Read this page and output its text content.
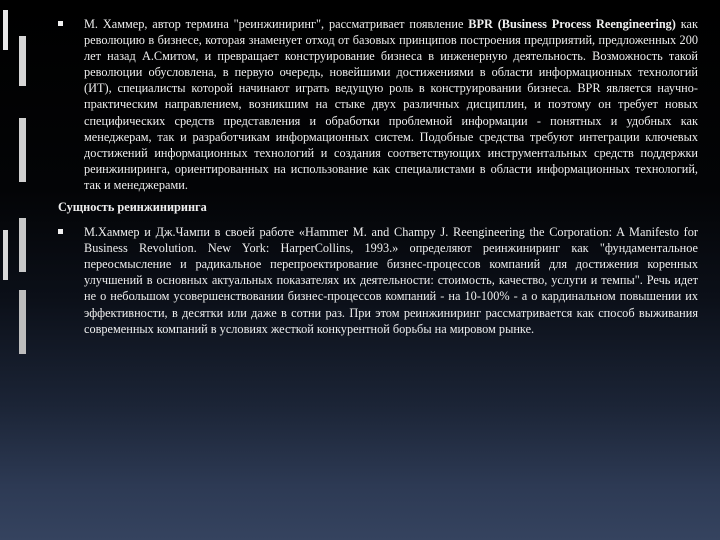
М. Хаммер, автор термина "реинжиниринг", рассматривает появление BPR (Business Process Reengineering) как революцию в бизнесе, которая знаменует отход от базовых принципов построения предприятий, предложенных 200 лет назад А.Смитом, и превращает конструирование бизнеса в инженерную деятельность. Возможность такой революции обусловлена, в первую очередь, новейшими достижениями в области информационных технологий (ИТ), специалисты которой начинают играть ведущую роль в конструировании бизнеса. BPR является научно-практическим направлением, возникшим на стыке двух различных дисциплин, и поэтому он требует новых специфических средств представления и обработки проблемной информации - понятных и удобных как менеджерам, так и разработчикам информационных систем. Подобные средства требуют интеграции ключевых достижений информационных технологий и создания соответствующих инструментальных средств поддержки реинжиниринга, ориентированных на использование как специалистами в области информационных технологий, так и менеджерами.

Сущность реинжиниринга

М.Хаммер и Дж.Чампи в своей работе «Hammer M. and Champy J. Reengineering the Corporation: A Manifesto for Business Revolution. New York: HarperCollins, 1993.» определяют реинжиниринг как "фундаментальное переосмысление и радикальное перепроектирование бизнес-процессов компаний для достижения коренных улучшений в основных актуальных показателях их деятельности: стоимость, качество, услуги и темпы". Речь идет не о небольшом усовершенствовании бизнес-процессов компаний - на 10-100% - а о кардинальном повышении их эффективности, в десятки или даже в сотни раз. При этом реинжиниринг рассматривается как способ выживания современных компаний в условиях жесткой конкурентной борьбы на мировом рынке.
